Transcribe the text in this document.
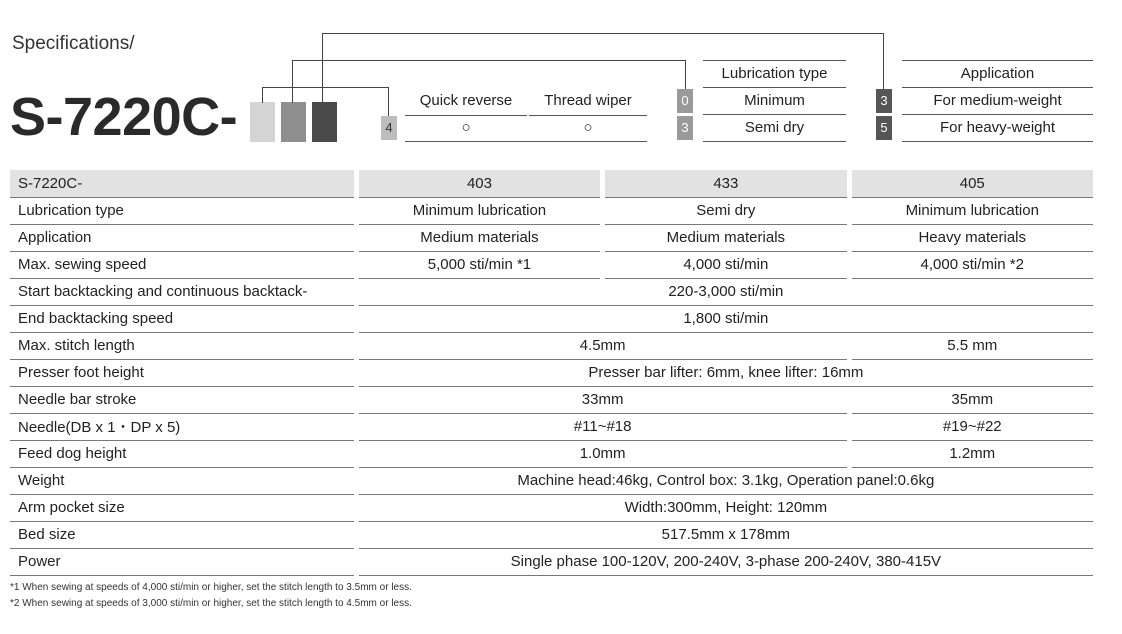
Specifications/
S-7220C-	4
Quick reverse	Thread wiper
○	○
Lubrication type
0	Minimum
3	Semi dry
Application
3	For medium-weight
5	For heavy-weight
S-7220C-		403		433		405
Lubrication type		Minimum lubrication		Semi dry		Minimum lubrication
Application		Medium materials		Medium materials		Heavy materials
Max. sewing speed		5,000 sti/min *1		4,000 sti/min		4,000 sti/min *2
Start backtacking and continuous backtack-		220-3,000 sti/min				
End backtacking speed		1,800 sti/min				
Max. stitch length		4.5mm				5.5 mm
Presser foot height		Presser bar lifter: 6mm, knee lifter: 16mm				
Needle bar stroke		33mm				35mm
Needle(DB x 1・DP x 5)		#11~#18				#19~#22
Feed dog height		1.0mm				1.2mm
Weight		Machine head:46kg, Control box: 3.1kg, Operation panel:0.6kg				
Arm pocket size		Width:300mm, Height: 120mm				
Bed size		517.5mm x 178mm				
Power		Single phase 100-120V, 200-240V, 3-phase 200-240V, 380-415V				
*1 When sewing at speeds of 4,000 sti/min or higher, set the stitch length to 3.5mm or less.
*2 When sewing at speeds of 3,000 sti/min or higher, set the stitch length to 4.5mm or less.
